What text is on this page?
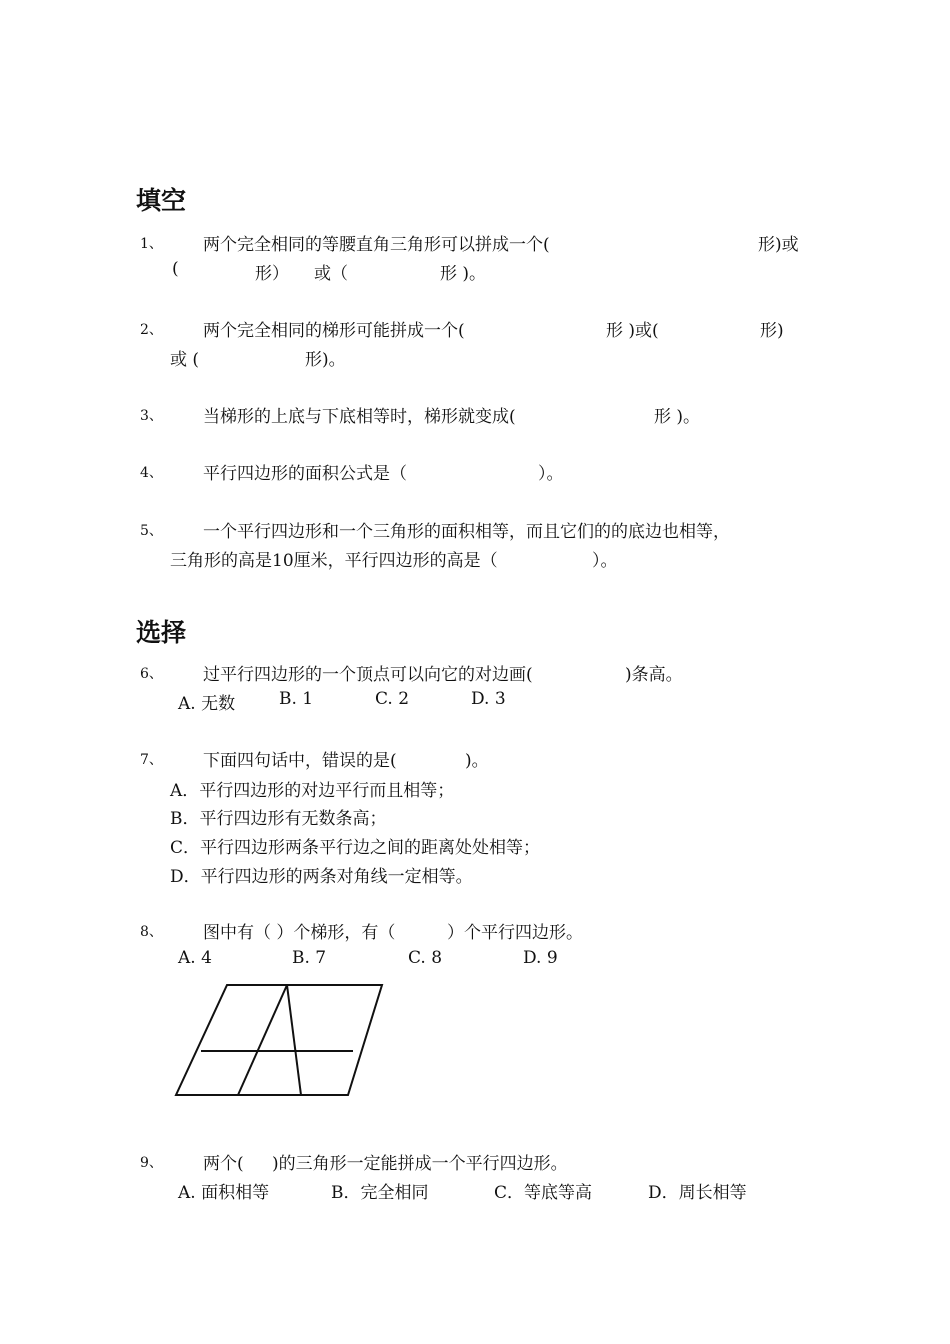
填空
1、 两个完全相同的等腰直角三角形可以拼成一个(	形)或
(	形） 或（	形 )。
2、 两个完全相同的梯形可能拼成一个(	形 )或(	形)
或 (	形)。
3、 当梯形的上底与下底相等时，梯形就变成(	形 )。
4、 平行四边形的面积公式是（	）。
5、 一个平行四边形和一个三角形的面积相等，而且它们的的底边也相等，
三角形的高是10厘米，平行四边形的高是（	）。
选择
6、 过平行四边形的一个顶点可以向它的对边画(	)条高。
A. 无数	B. 1	C. 2	D. 3
7、 下面四句话中，错误的是(	)。
A．平行四边形的对边平行而且相等；
B．平行四边形有无数条高；
C．平行四边形两条平行边之间的距离处处相等；
D．平行四边形的两条对角线一定相等。
8、 图中有（ ）个梯形，有（	）个平行四边形。
A. 4	B. 7	C. 8	D. 9
9、 两个( )的三角形一定能拼成一个平行四边形。
A. 面积相等	B．完全相同	C．等底等高	D．周长相等
